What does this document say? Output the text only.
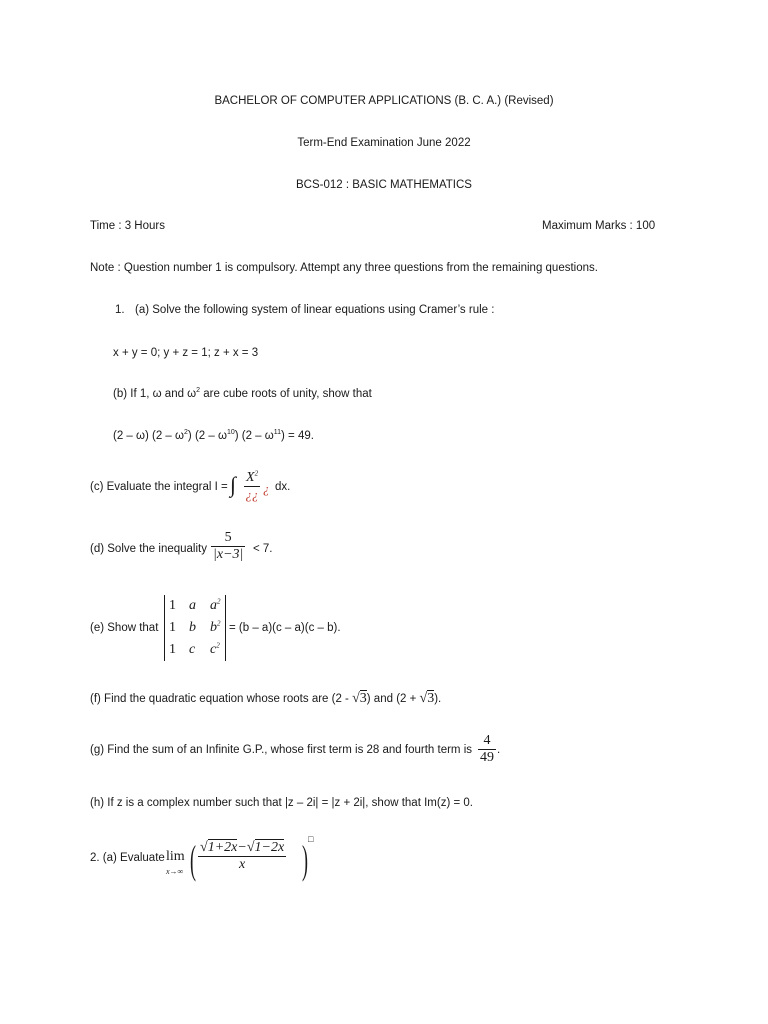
BACHELOR OF COMPUTER APPLICATIONS (B. C. A.) (Revised)
Term-End Examination June 2022
BCS-012 : BASIC MATHEMATICS
Time : 3 Hours	Maximum Marks : 100
Note : Question number 1 is compulsory. Attempt any three questions from the remaining questions.
1. (a) Solve the following system of linear equations using Cramer’s rule :
x + y = 0; y + z = 1; z + x = 3
(b) If 1, ω and $\omega^2$ are cube roots of unity, show that
(2 – ω) $(2 - \omega^2)$ $(2 - \omega^{10})$ $(2 - \omega^{11}) = 49$.
(c) Evaluate the integral I = ∫ $\frac{X^2}{¿¿}$ ¿ dx.
(d) Solve the inequality $\frac{5}{|x-3|} < 7$.
(e) Show that
1 a $a^2$
1 b $b^2$
1 c $c^2$
= (b – a)(c – a)(c – b).
(f) Find the quadratic equation whose roots are (2 - √3) and (2 + √3).
(g) Find the sum of an Infinite G.P., whose first term is 28 and fourth term is $\frac{4}{49}$ .
(h) If z is a complex number such that |z – 2i| = |z + 2i|, show that Im(z) = 0.
2. (a) Evaluate lim
x→∞ ( $\frac{√1+2x-√1-2x}{x}$ ) □
